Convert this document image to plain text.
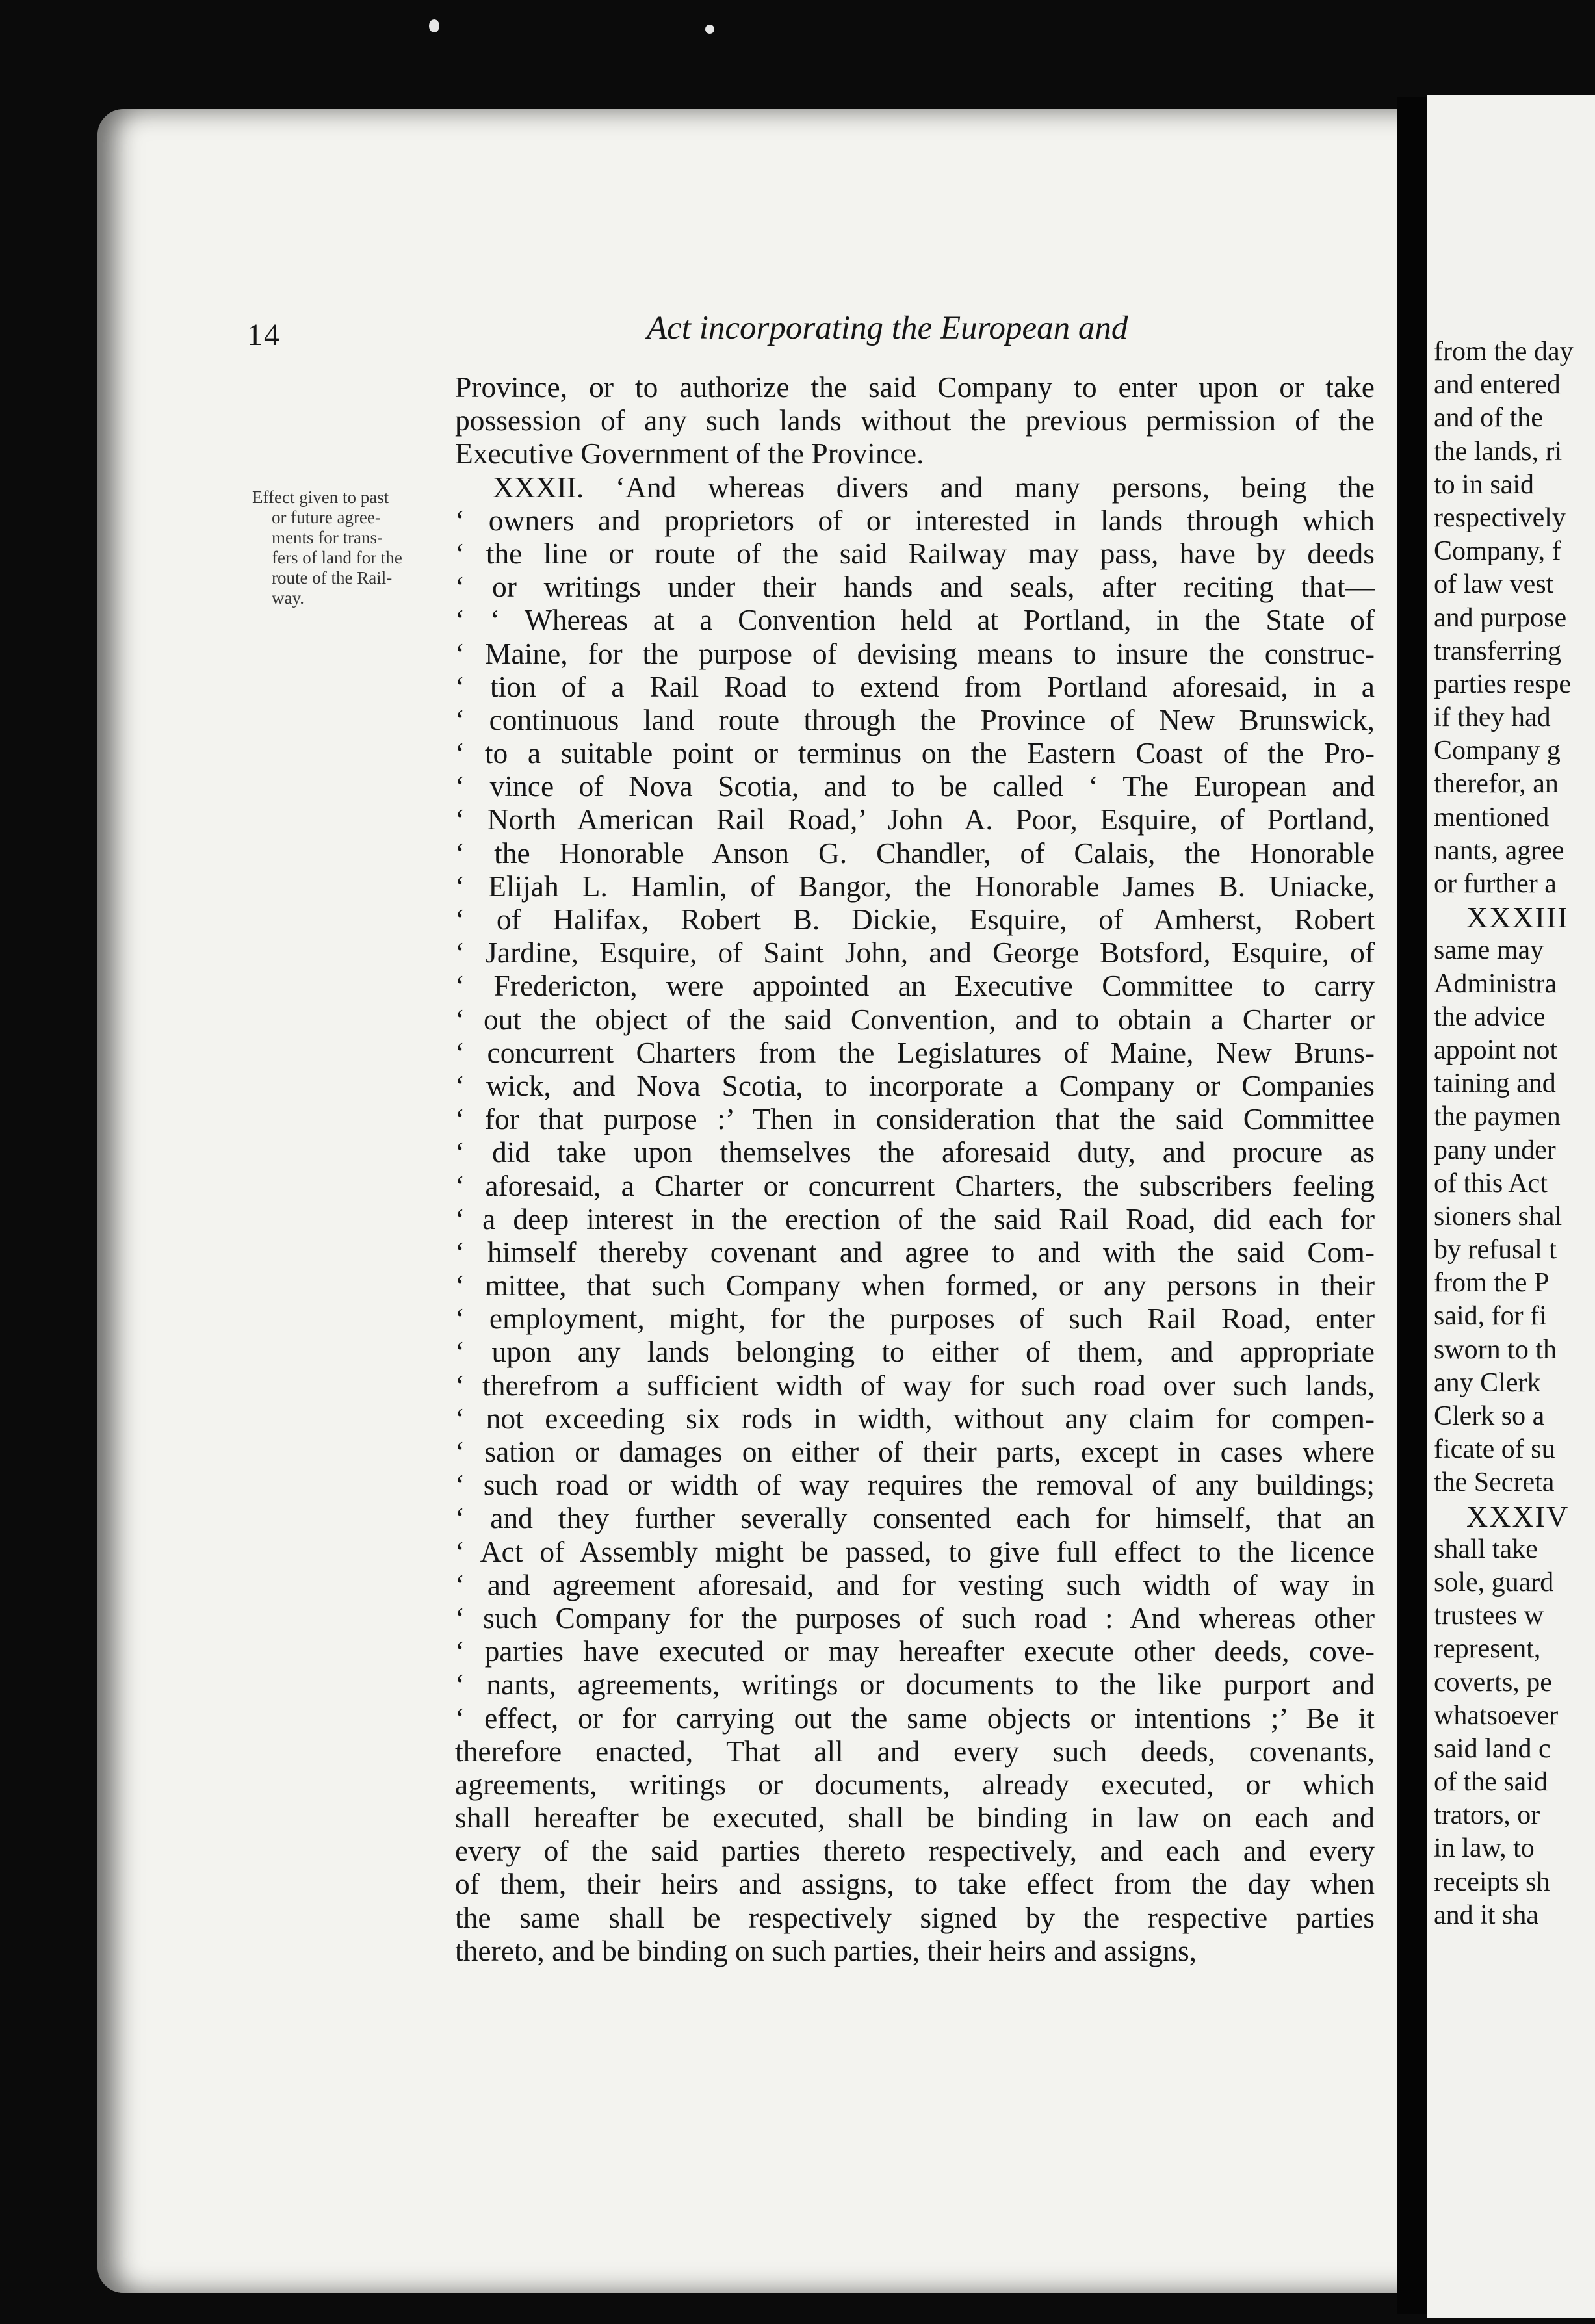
14	Act incorporating the European and
Effect given to past
or future agree-
ments for trans-
fers of land for the
route of the Rail-
way.
Province, or to authorize the said Company to enter upon or take
possession of any such lands without the previous permission of the
Executive Government of the Province.
XXXII. ‘And whereas divers and many persons, being the
‘ owners and proprietors of or interested in lands through which
‘ the line or route of the said Railway may pass, have by deeds
‘ or writings under their hands and seals, after reciting that—
‘ ‘ Whereas at a Convention held at Portland, in the State of
‘ Maine, for the purpose of devising means to insure the construc-
‘ tion of a Rail Road to extend from Portland aforesaid, in a
‘ continuous land route through the Province of New Brunswick,
‘ to a suitable point or terminus on the Eastern Coast of the Pro-
‘ vince of Nova Scotia, and to be called ‘ The European and
‘ North American Rail Road,’ John A. Poor, Esquire, of Portland,
‘ the Honorable Anson G. Chandler, of Calais, the Honorable
‘ Elijah L. Hamlin, of Bangor, the Honorable James B. Uniacke,
‘ of Halifax, Robert B. Dickie, Esquire, of Amherst, Robert
‘ Jardine, Esquire, of Saint John, and George Botsford, Esquire, of
‘ Fredericton, were appointed an Executive Committee to carry
‘ out the object of the said Convention, and to obtain a Charter or
‘ concurrent Charters from the Legislatures of Maine, New Bruns-
‘ wick, and Nova Scotia, to incorporate a Company or Companies
‘ for that purpose :’ Then in consideration that the said Committee
‘ did take upon themselves the aforesaid duty, and procure as
‘ aforesaid, a Charter or concurrent Charters, the subscribers feeling
‘ a deep interest in the erection of the said Rail Road, did each for
‘ himself thereby covenant and agree to and with the said Com-
‘ mittee, that such Company when formed, or any persons in their
‘ employment, might, for the purposes of such Rail Road, enter
‘ upon any lands belonging to either of them, and appropriate
‘ therefrom a sufficient width of way for such road over such lands,
‘ not exceeding six rods in width, without any claim for compen-
‘ sation or damages on either of their parts, except in cases where
‘ such road or width of way requires the removal of any buildings;
‘ and they further severally consented each for himself, that an
‘ Act of Assembly might be passed, to give full effect to the licence
‘ and agreement aforesaid, and for vesting such width of way in
‘ such Company for the purposes of such road : And whereas other
‘ parties have executed or may hereafter execute other deeds, cove-
‘ nants, agreements, writings or documents to the like purport and
‘ effect, or for carrying out the same objects or intentions ;’ Be it
therefore enacted, That all and every such deeds, covenants,
agreements, writings or documents, already executed, or which
shall hereafter be executed, shall be binding in law on each and
every of the said parties thereto respectively, and each and every
of them, their heirs and assigns, to take effect from the day when
the same shall be respectively signed by the respective parties
thereto, and be binding on such parties, their heirs and assigns,
from the day
and entered
and of the
the lands, ri
to in said
respectively
Company, f
of law vest
and purpose
transferring
parties respe
if they had
Company g
therefor, an
mentioned
nants, agree
or further a
XXXIII
same may
Administra
the advice
appoint not
taining and
the paymen
pany under
of this Act
sioners shal
by refusal t
from the P
said, for fi
sworn to th
any Clerk
Clerk so a
ficate of su
the Secreta
XXXIV
shall take
sole, guard
trustees w
represent,
coverts, pe
whatsoever
said land c
of the said
trators, or
in law, to
receipts sh
and it sha
